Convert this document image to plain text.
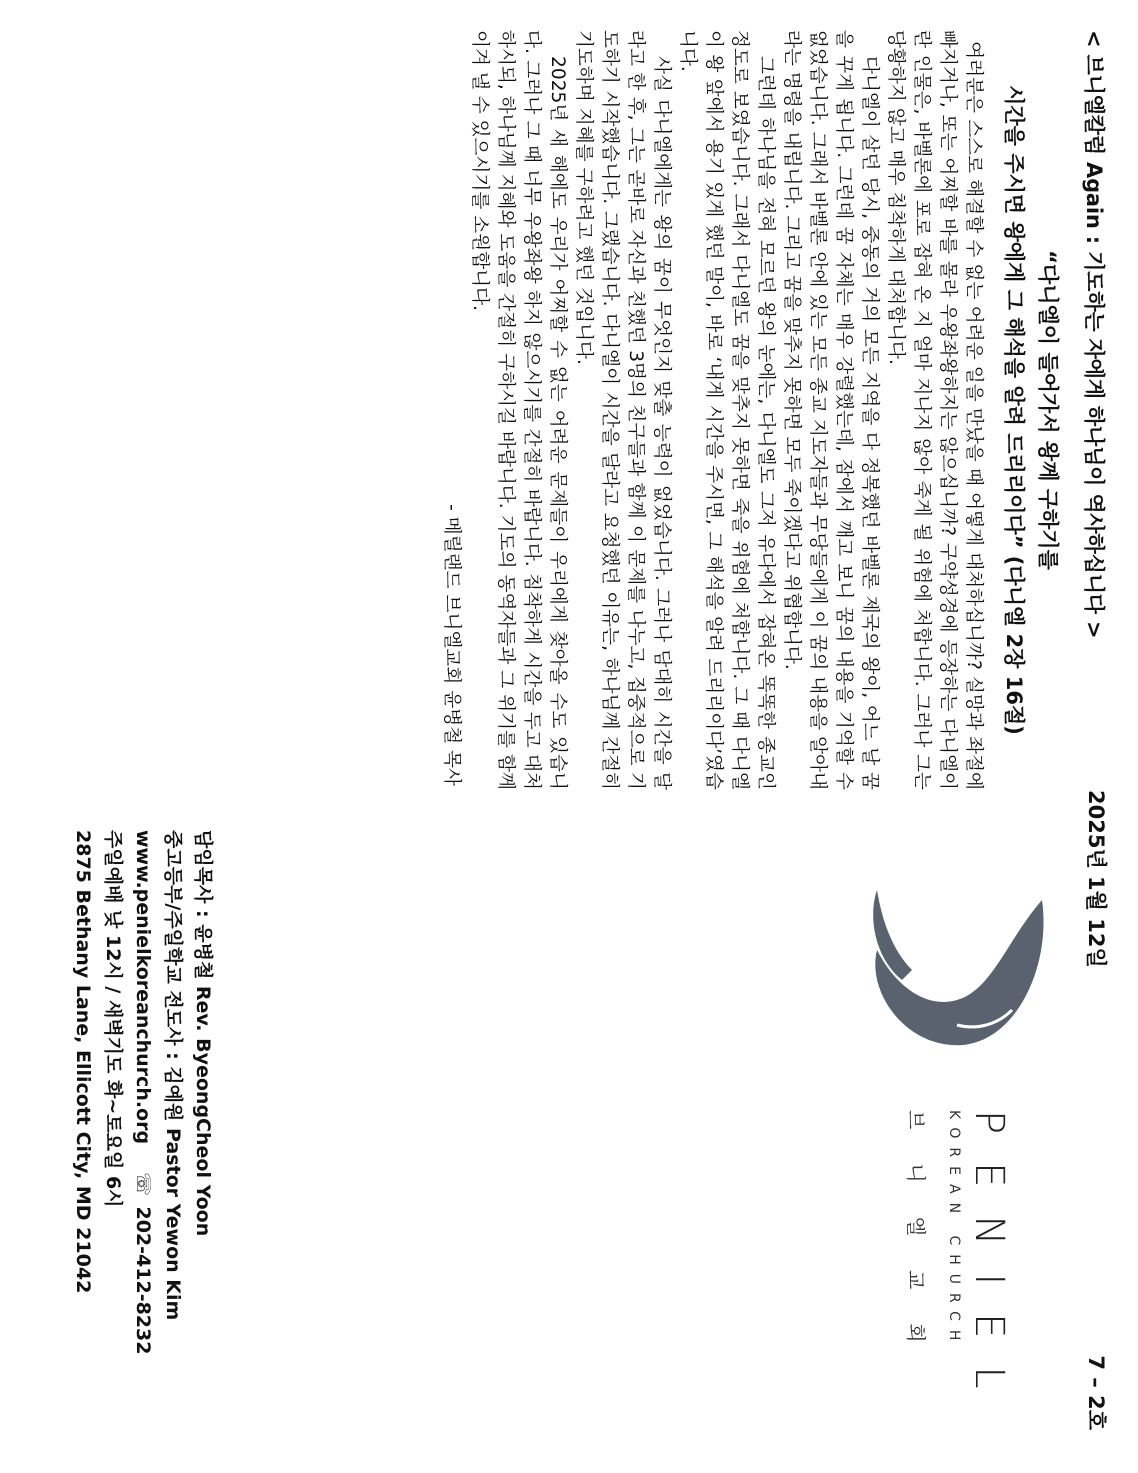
< 브니엘칼럼 Again : 기도하는 자에게 하나님이 역사하십니다 >
“다니엘이 들어가서 왕께 구하기를
시간을 주시면 왕에게 그 해석을 알려 드리리이다” (다니엘 2장 16절)

여러분은 스스로 해결할 수 없는 어려운 일을 만났을 때 어떻게 대처하십니까? 실망과 좌절에 빠지거나, 또는 어찌할 바를 몰라 우왕좌왕하지는 않으십니까? 구약성경에 등장하는 다니엘이란 인물은, 바벨론에 포로 잡혀 온 지 얼마 지나지 않아 죽게 될 위험에 처합니다. 그러나 그는 당황하지 않고 매우 침착하게 대처합니다.

다니엘이 살던 당시, 중동의 거의 모든 지역을 다 정복했던 바벨론 제국의 왕이, 어느 날 꿈을 꾸게 됩니다. 그런데 꿈 자체는 매우 강렬했는데, 잠에서 깨고 보니 꿈의 내용을 기억할 수 없었습니다. 그래서 바벨론 안에 있는 모든 종교 지도자들과 무당들에게 이 꿈의 내용을 알아내라는 명령을 내립니다. 그리고 꿈을 맞추지 못하면 모두 죽이겠다고 위협합니다.

그런데 하나님을 전혀 모르던 왕의 눈에는, 다니엘도 그저 유다에서 잡혀온 똑똑한 종교인 정도로 보였습니다. 그래서 다니엘도 꿈을 맞추지 못하면 죽을 위험에 처합니다. 그 때 다니엘이 왕 앞에서 용기 있게 했던 말이, 바로 ‘내게 시간을 주시면, 그 해석을 알려 드리리이다’였습니다.

사실 다니엘에게는 왕의 꿈이 무엇인지 맞출 능력이 없었습니다. 그러나 담대히 시간을 달라고 한 후, 그는 곧바로 자신과 친했던 3명의 친구들과 함께 이 문제를 나누고, 집중적으로 기도하기 시작했습니다. 그랬습니다. 다니엘이 시간을 달라고 요청했던 이유는, 하나님께 간절히 기도하며 지혜를 구하려고 했던 것입니다.

2025년 새 해에도 우리가 어찌할 수 없는 어려운 문제들이 우리에게 찾아올 수도 있습니다. 그러나 그 때 너무 우왕좌왕 하지 않으시기를 간절히 바랍니다. 침착하게 시간을 두고 대처하시되, 하나님께 지혜와 도움을 간절히 구하시길 바랍니다. 기도의 동역자들과 그 위기를 함께 이겨 낼 수 있으시기를 소원합니다.

- 메릴랜드 브니엘교회 윤병철 목사
2025년 1월 12일
7 – 2호
PENIEL
KOREAN CHURCH
브니엘교회
담임목사 : 윤병철 Rev. ByeongCheol Yoon
중고등부/주일학교 전도사 : 김예원 Pastor Yewon Kim
www.penielkoreanchurch.org☏ 202-412-8232
주일예배 낮 12시 / 새벽기도 화~토요일 6시
2875 Bethany Lane, Ellicott City, MD 21042
